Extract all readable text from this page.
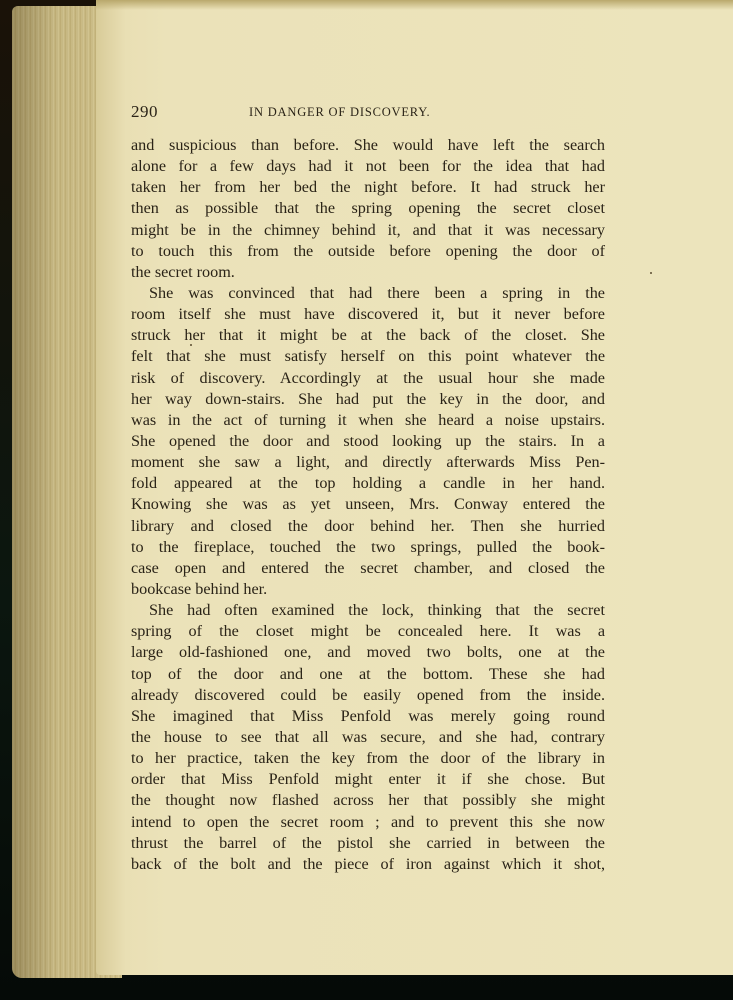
290	IN DANGER OF DISCOVERY.
and suspicious than before. She would have left the search
alone for a few days had it not been for the idea that had
taken her from her bed the night before. It had struck her
then as possible that the spring opening the secret closet
might be in the chimney behind it, and that it was necessary
to touch this from the outside before opening the door of
the secret room.
She was convinced that had there been a spring in the
room itself she must have discovered it, but it never before
struck her that it might be at the back of the closet. She
felt that she must satisfy herself on this point whatever the
risk of discovery. Accordingly at the usual hour she made
her way down-stairs. She had put the key in the door, and
was in the act of turning it when she heard a noise upstairs.
She opened the door and stood looking up the stairs. In a
moment she saw a light, and directly afterwards Miss Pen-
fold appeared at the top holding a candle in her hand.
Knowing she was as yet unseen, Mrs. Conway entered the
library and closed the door behind her. Then she hurried
to the fireplace, touched the two springs, pulled the book-
case open and entered the secret chamber, and closed the
bookcase behind her.
She had often examined the lock, thinking that the secret
spring of the closet might be concealed here. It was a
large old-fashioned one, and moved two bolts, one at the
top of the door and one at the bottom. These she had
already discovered could be easily opened from the inside.
She imagined that Miss Penfold was merely going round
the house to see that all was secure, and she had, contrary
to her practice, taken the key from the door of the library in
order that Miss Penfold might enter it if she chose. But
the thought now flashed across her that possibly she might
intend to open the secret room ; and to prevent this she now
thrust the barrel of the pistol she carried in between the
back of the bolt and the piece of iron against which it shot,
